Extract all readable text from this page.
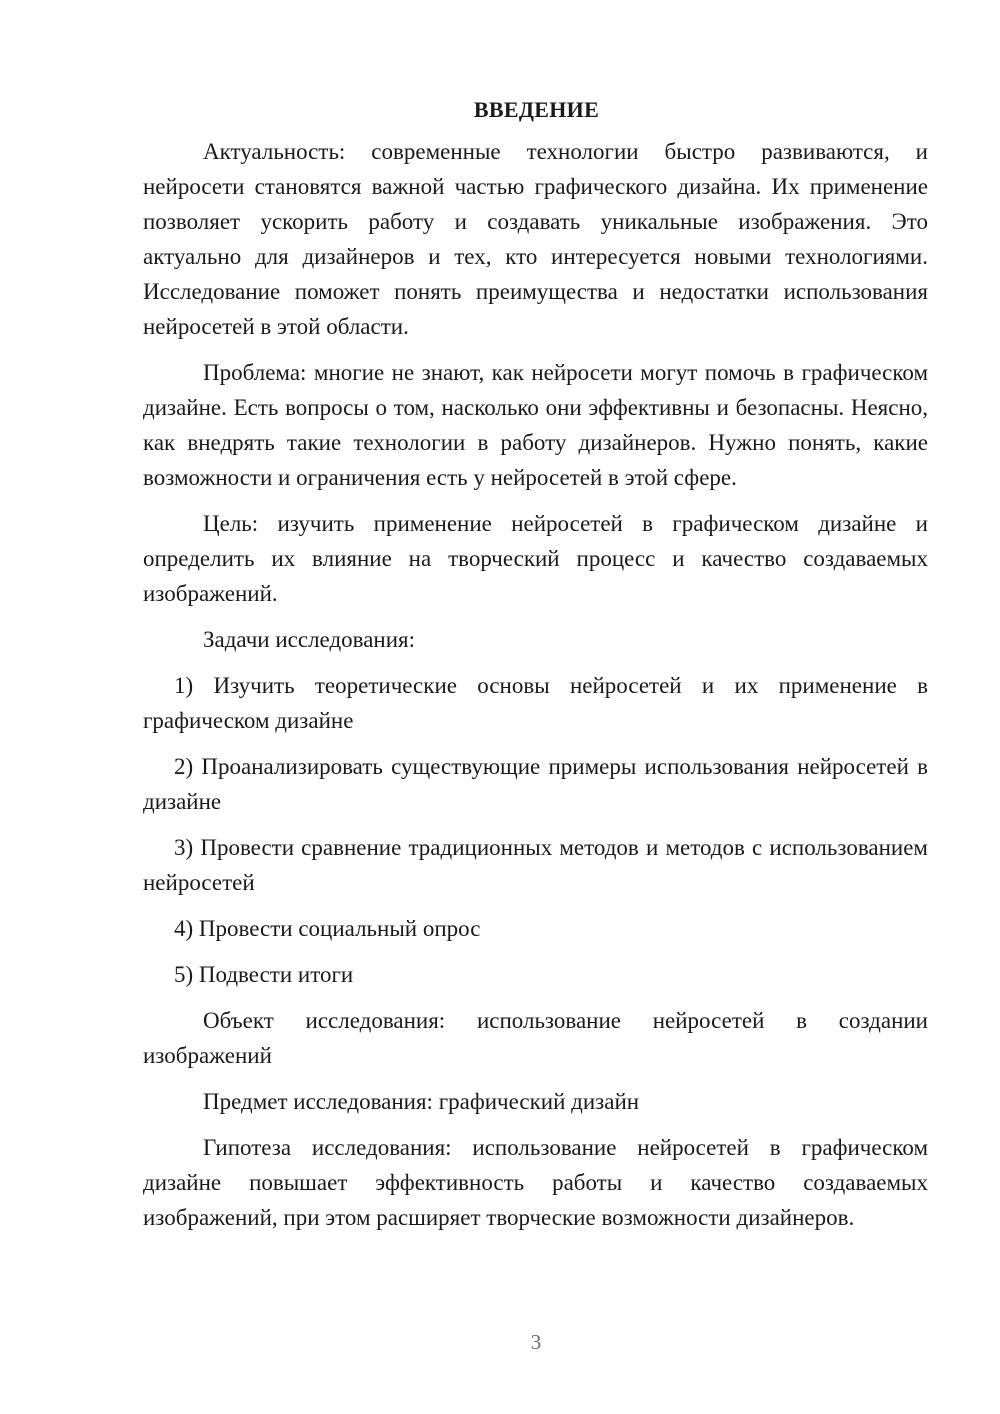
ВВЕДЕНИЕ

Актуальность: современные технологии быстро развиваются, и нейросети становятся важной частью графического дизайна. Их применение позволяет ускорить работу и создавать уникальные изображения. Это актуально для дизайнеров и тех, кто интересуется новыми технологиями. Исследование поможет понять преимущества и недостатки использования нейросетей в этой области.

Проблема: многие не знают, как нейросети могут помочь в графическом дизайне. Есть вопросы о том, насколько они эффективны и безопасны. Неясно, как внедрять такие технологии в работу дизайнеров. Нужно понять, какие возможности и ограничения есть у нейросетей в этой сфере.

Цель: изучить применение нейросетей в графическом дизайне и определить их влияние на творческий процесс и качество создаваемых изображений.

Задачи исследования:

1) Изучить теоретические основы нейросетей и их применение в графическом дизайне

2) Проанализировать существующие примеры использования нейросетей в дизайне

3) Провести сравнение традиционных методов и методов с использованием нейросетей

4) Провести социальный опрос

5) Подвести итоги

Объект исследования: использование нейросетей в создании изображений

Предмет исследования: графический дизайн

Гипотеза исследования: использование нейросетей в графическом дизайне повышает эффективность работы и качество создаваемых изображений, при этом расширяет творческие возможности дизайнеров.

3
